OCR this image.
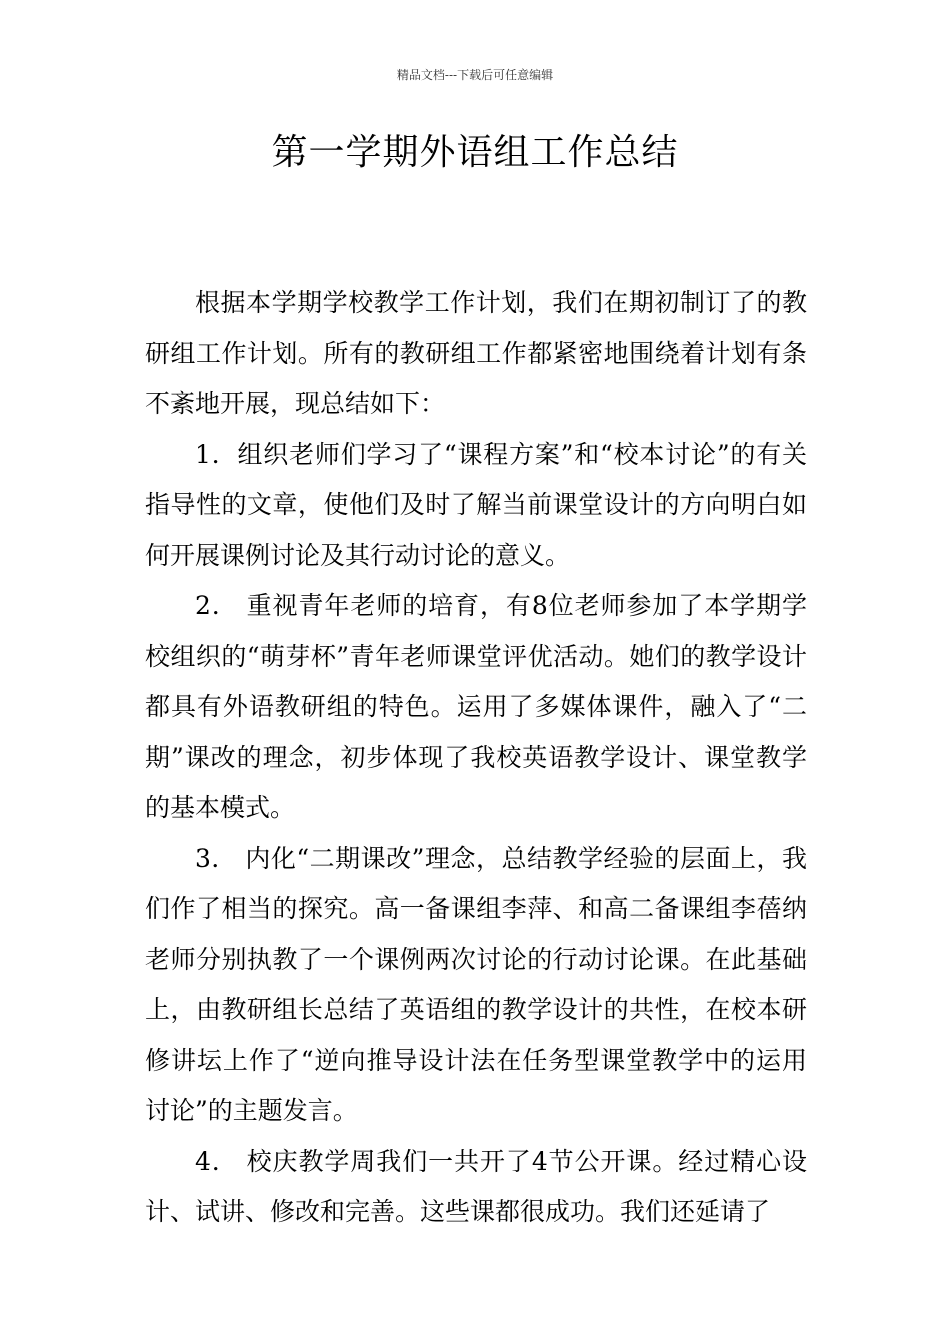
精品文档---下载后可任意编辑
第一学期外语组工作总结

根据本学期学校教学工作计划，我们在期初制订了的教研组工作计划。所有的教研组工作都紧密地围绕着计划有条不紊地开展，现总结如下：

1．组织老师们学习了“课程方案”和“校本讨论”的有关指导性的文章，使他们及时了解当前课堂设计的方向明白如何开展课例讨论及其行动讨论的意义。

2． 重视青年老师的培育，有8位老师参加了本学期学校组织的“萌芽杯”青年老师课堂评优活动。她们的教学设计都具有外语教研组的特色。运用了多媒体课件，融入了“二期”课改的理念，初步体现了我校英语教学设计、课堂教学的基本模式。

3． 内化“二期课改”理念，总结教学经验的层面上，我们作了相当的探究。高一备课组李萍、和高二备课组李蓓纳老师分别执教了一个课例两次讨论的行动讨论课。在此基础上，由教研组长总结了英语组的教学设计的共性，在校本研修讲坛上作了“逆向推导设计法在任务型课堂教学中的运用讨论”的主题发言。

4． 校庆教学周我们一共开了4节公开课。经过精心设计、试讲、修改和完善。这些课都很成功。我们还延请了
